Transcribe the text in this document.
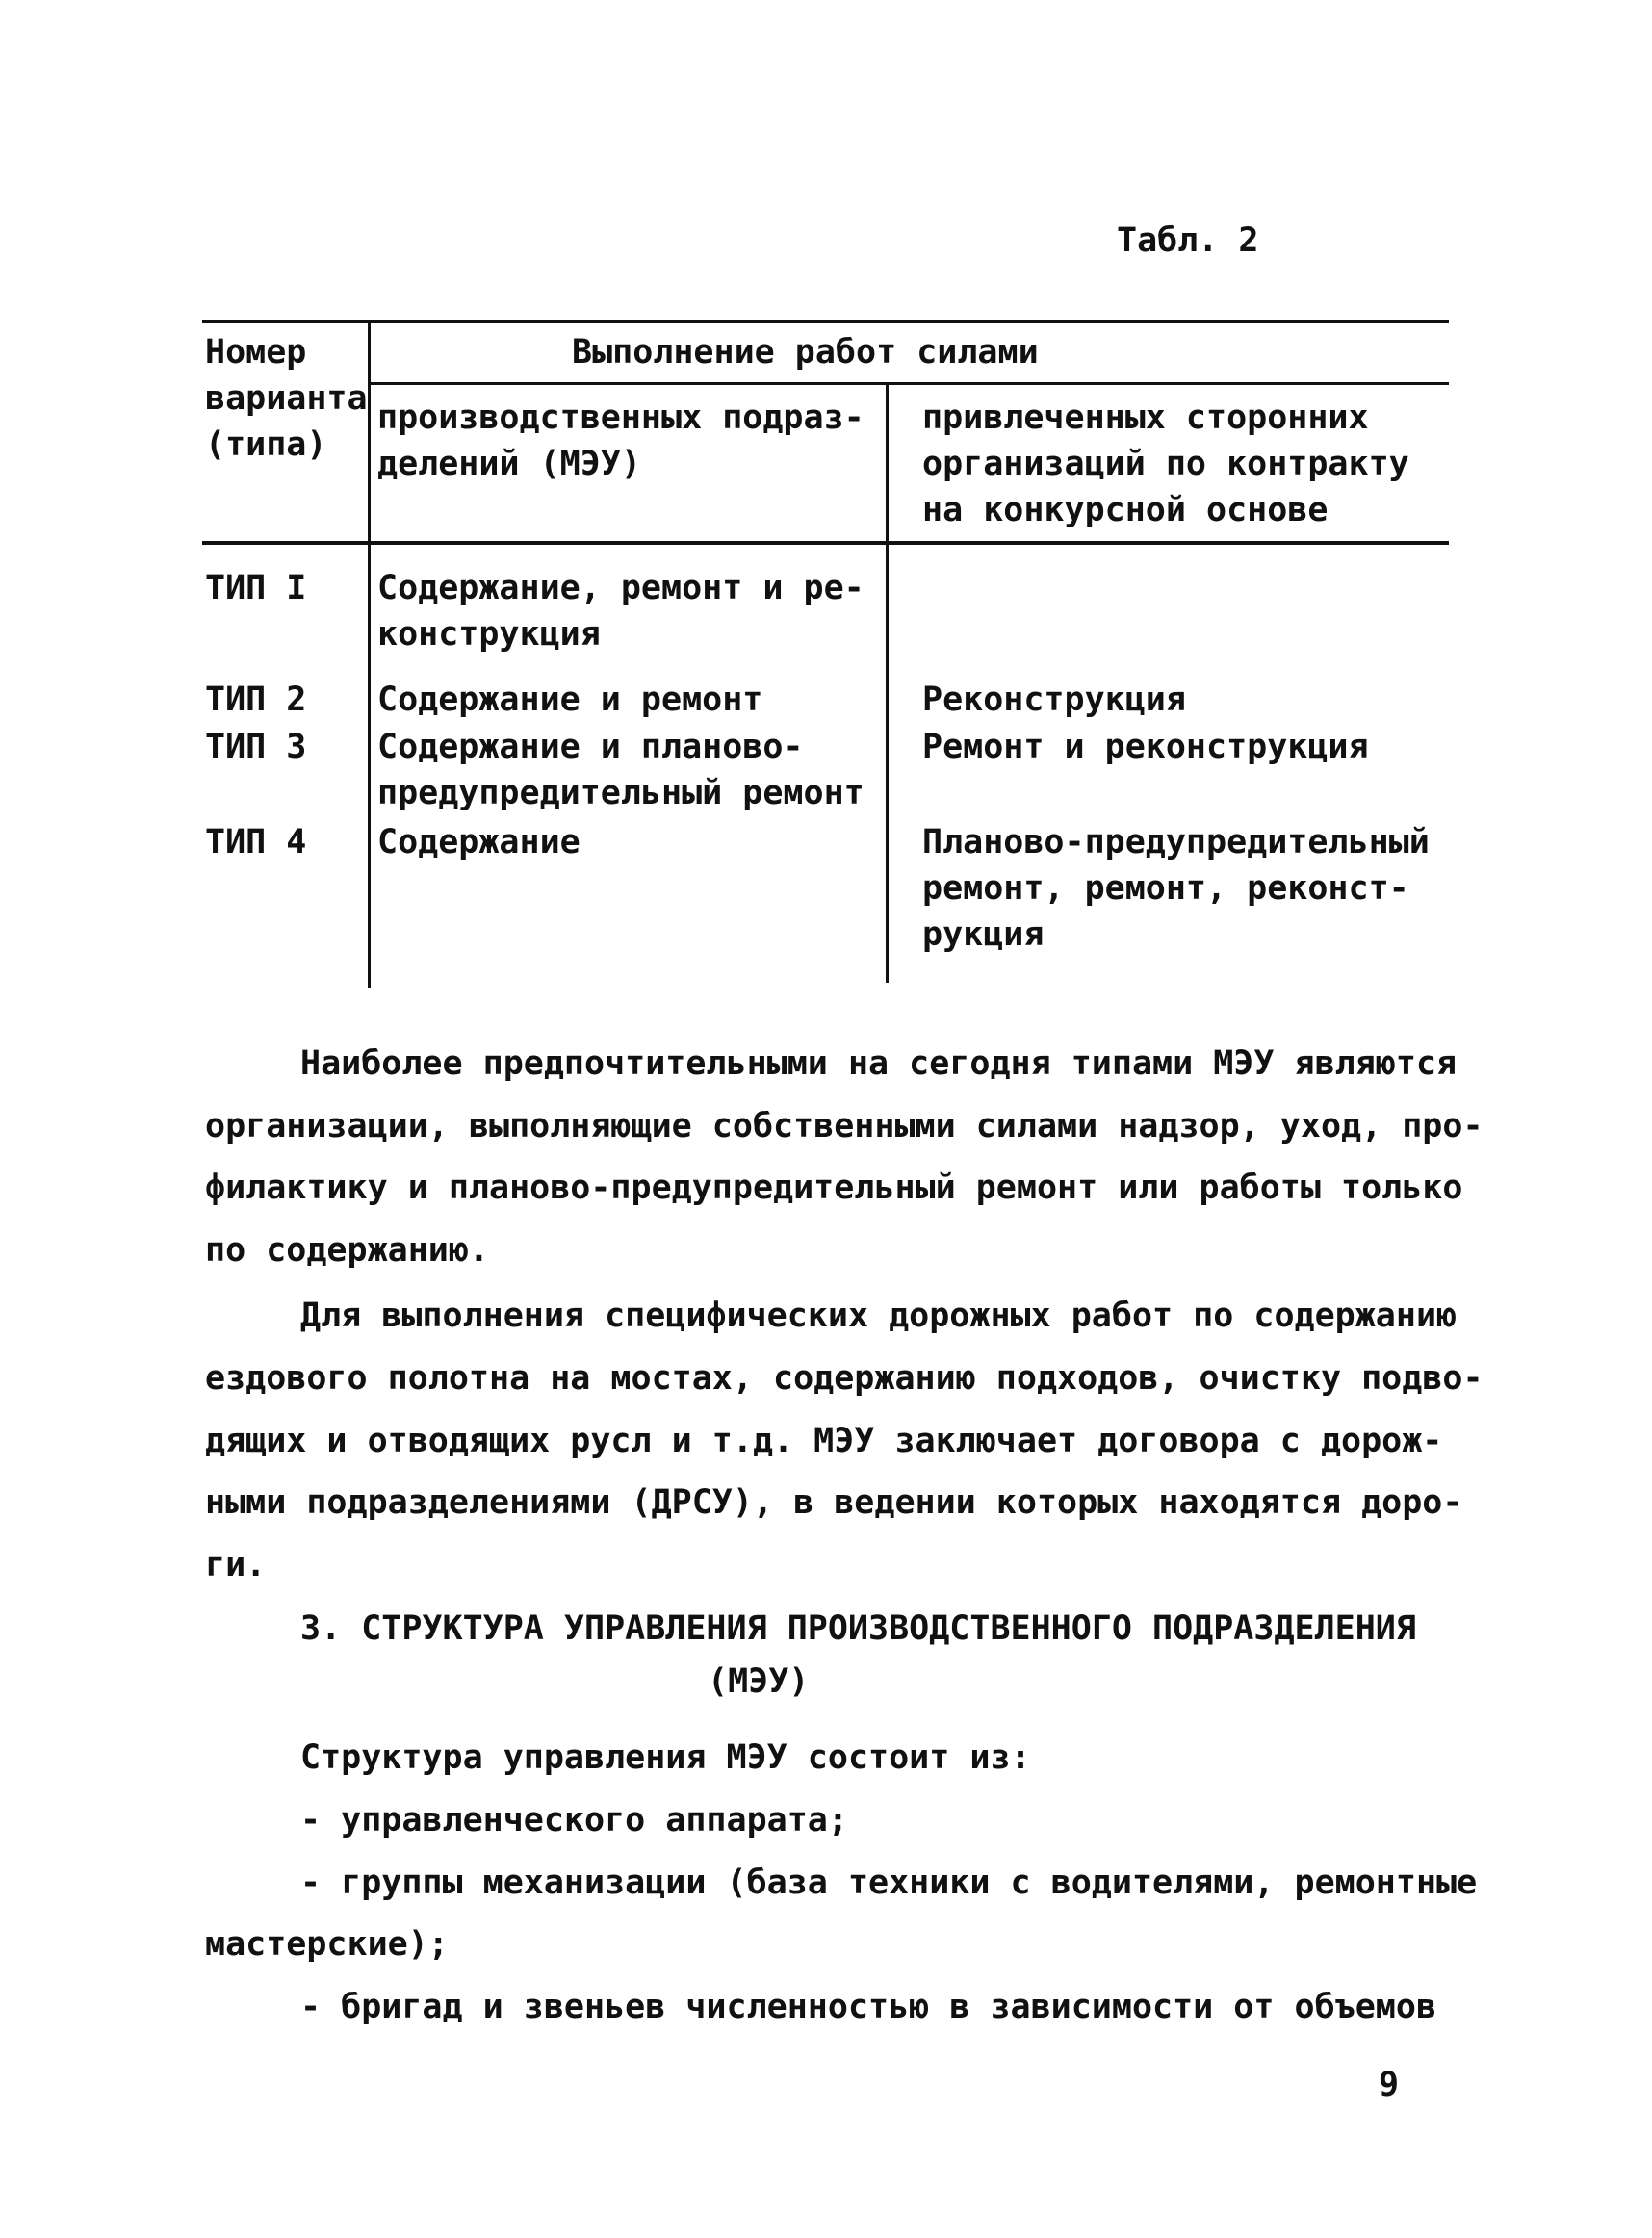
Табл. 2
Номер
варианта
(типа)
Выполнение работ силами
производственных подраз-
делений (МЭУ)
привлеченных сторонних
организаций по контракту
на конкурсной основе
ТИП I Содержание, ремонт и ре-
конструкция
ТИП 2 Содержание и ремонт	Реконструкция
ТИП 3 Содержание и планово-
предупредительный ремонт
Ремонт и реконструкция
ТИП 4 Содержание	Планово-предупредительный
ремонт, ремонт, реконст-
рукция
Наиболее предпочтительными на сегодня типами МЭУ являются
организации, выполняющие собственными силами надзор, уход, про-
филактику и планово-предупредительный ремонт или работы только
по содержанию.
Для выполнения специфических дорожных работ по содержанию
ездового полотна на мостах, содержанию подходов, очистку подво-
дящих и отводящих русл и т.д. МЭУ заключает договора с дорож-
ными подразделениями (ДРСУ), в ведении которых находятся доро-
ги.
3. СТРУКТУРА УПРАВЛЕНИЯ ПРОИЗВОДСТВЕННОГО ПОДРАЗДЕЛЕНИЯ
(МЭУ)
Структура управления МЭУ состоит из:
- управленческого аппарата;
- группы механизации (база техники с водителями, ремонтные
мастерские);
- бригад и звеньев численностью в зависимости от объемов
9
